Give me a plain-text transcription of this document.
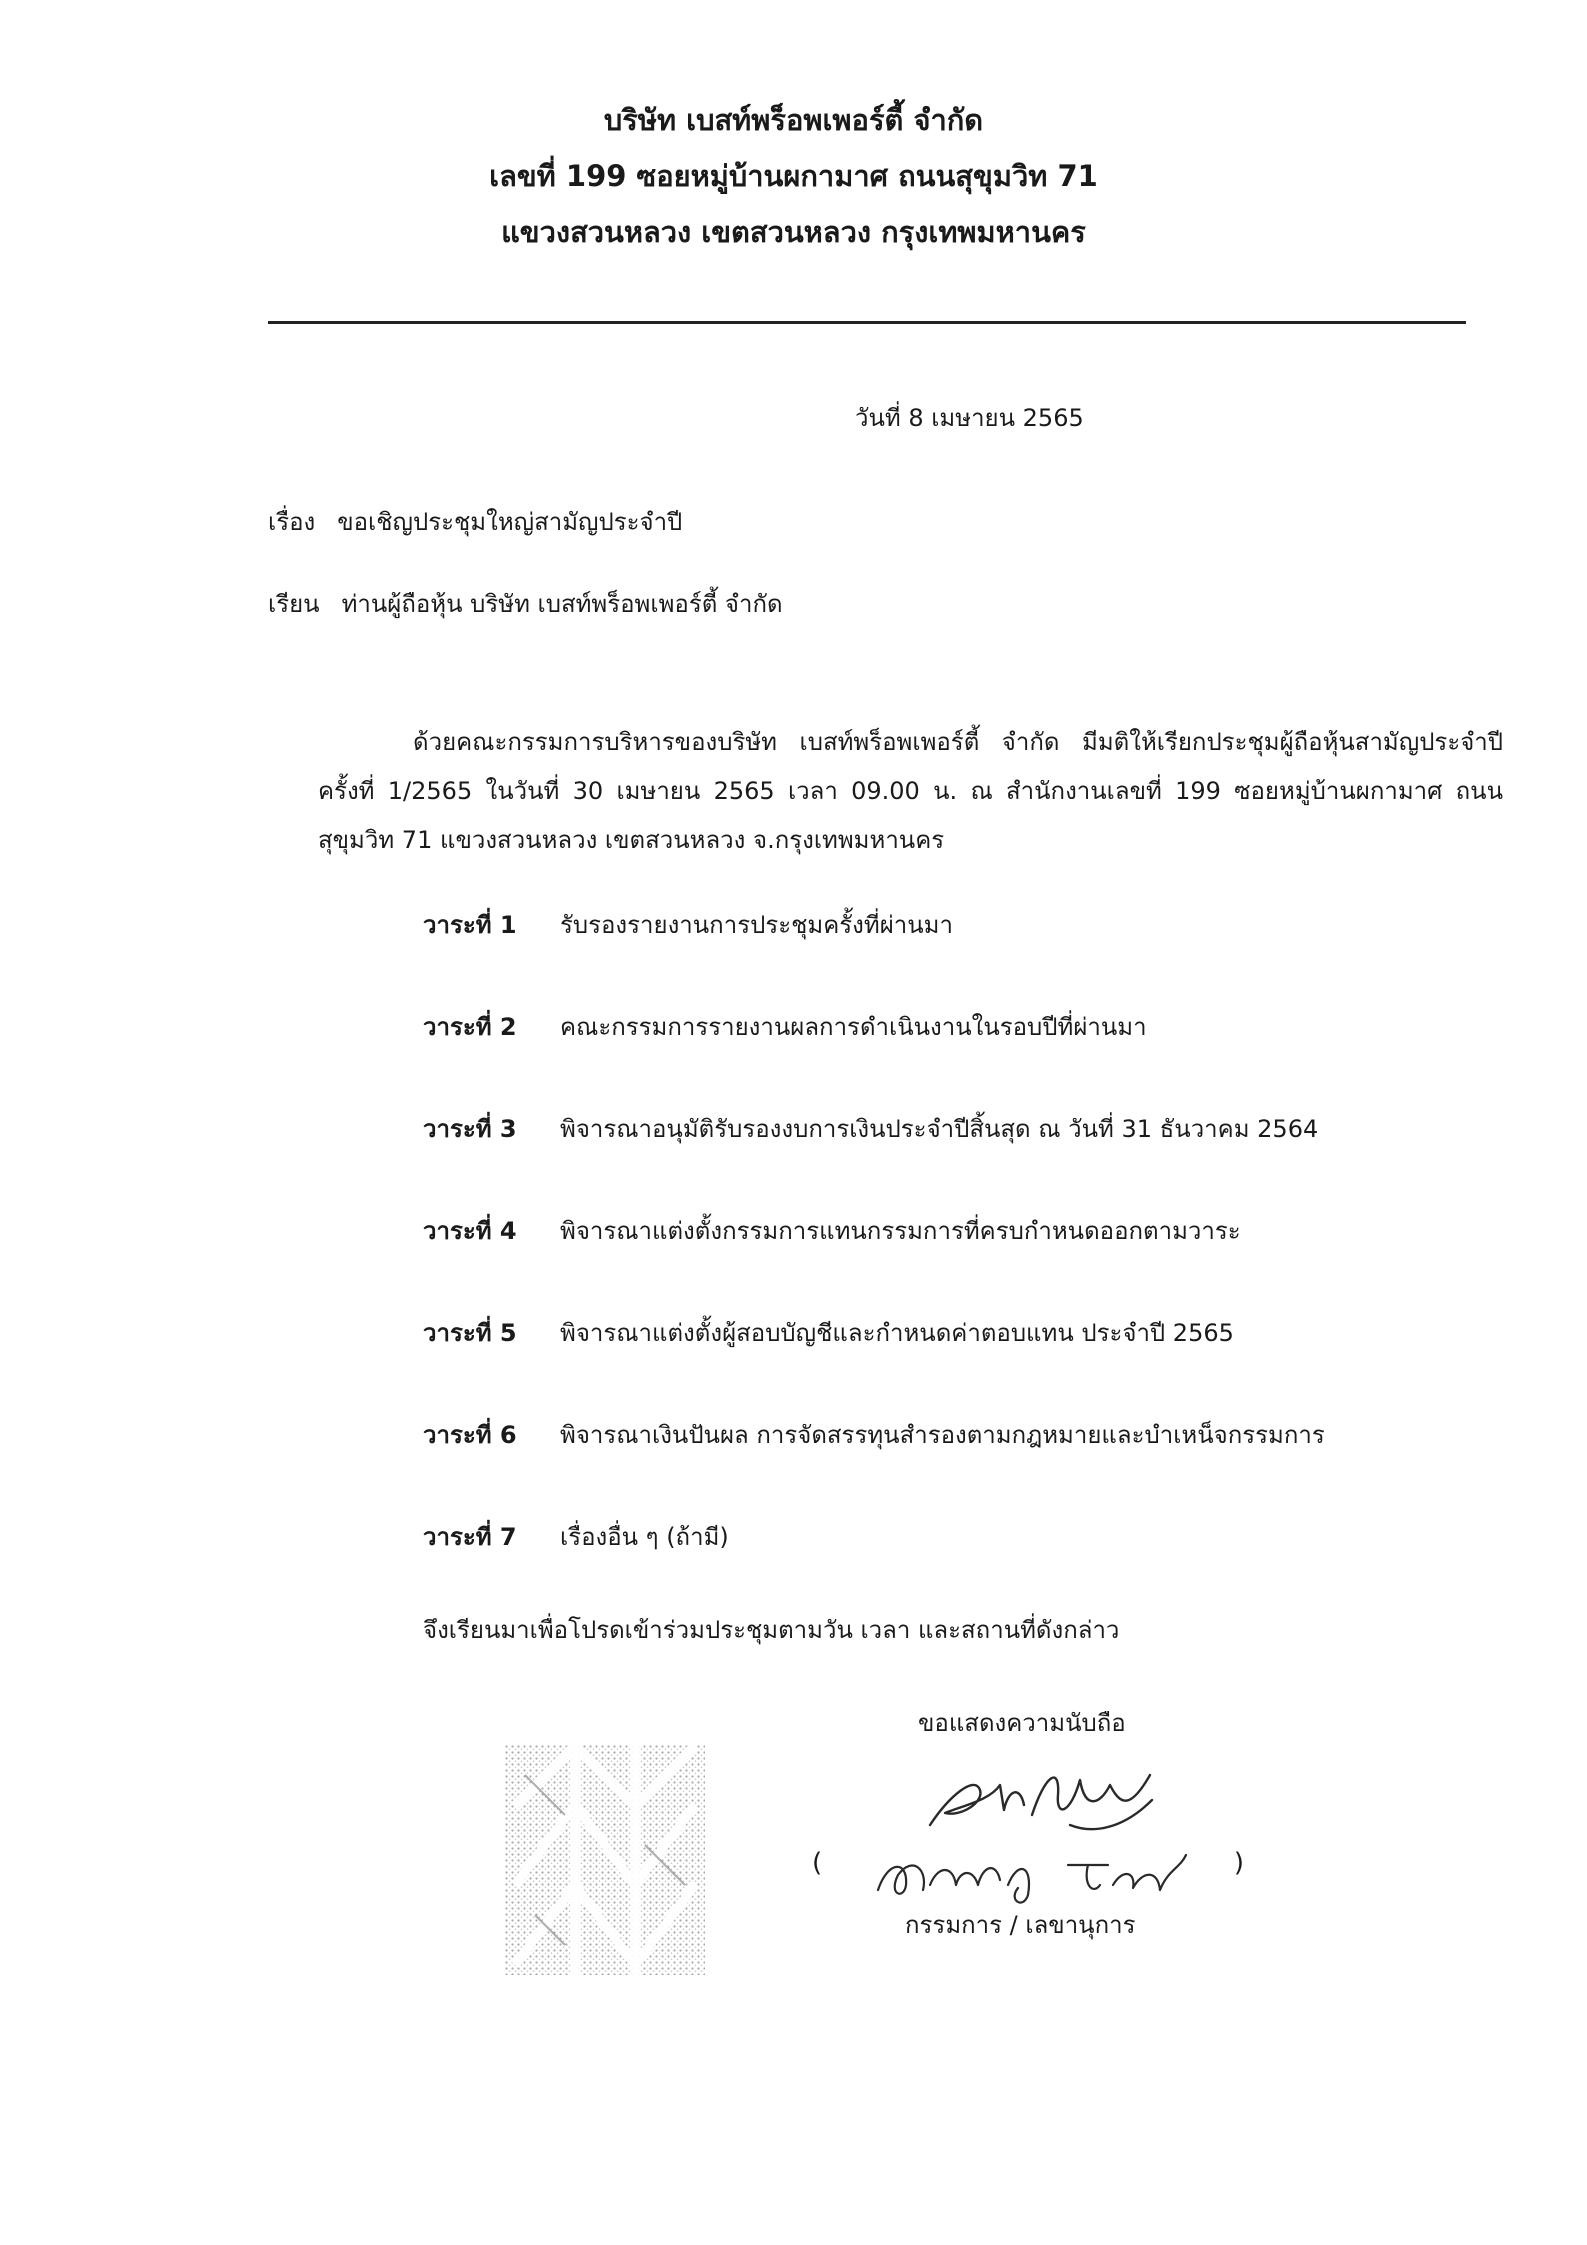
บริษัท เบสท์พร็อพเพอร์ตี้ จำกัด
เลขที่ 199 ซอยหมู่บ้านผกามาศ ถนนสุขุมวิท 71
แขวงสวนหลวง เขตสวนหลวง กรุงเทพมหานคร
วันที่ 8 เมษายน 2565
เรื่อง ขอเชิญประชุมใหญ่สามัญประจำปี
เรียน ท่านผู้ถือหุ้น บริษัท เบสท์พร็อพเพอร์ตี้ จำกัด
ด้วยคณะกรรมการบริหารของบริษัท เบสท์พร็อพเพอร์ตี้ จำกัด มีมติให้เรียกประชุมผู้ถือหุ้นสามัญประจำปี ครั้งที่ 1/2565 ในวันที่ 30 เมษายน 2565 เวลา 09.00 น. ณ สำนักงานเลขที่ 199 ซอยหมู่บ้านผกามาศ ถนนสุขุมวิท 71 แขวงสวนหลวง เขตสวนหลวง จ.กรุงเทพมหานคร
วาระที่ 1	รับรองรายงานการประชุมครั้งที่ผ่านมา
วาระที่ 2	คณะกรรมการรายงานผลการดำเนินงานในรอบปีที่ผ่านมา
วาระที่ 3	พิจารณาอนุมัติรับรองงบการเงินประจำปีสิ้นสุด ณ วันที่ 31 ธันวาคม 2564
วาระที่ 4	พิจารณาแต่งตั้งกรรมการแทนกรรมการที่ครบกำหนดออกตามวาระ
วาระที่ 5	พิจารณาแต่งตั้งผู้สอบบัญชีและกำหนดค่าตอบแทน ประจำปี 2565
วาระที่ 6	พิจารณาเงินปันผล การจัดสรรทุนสำรองตามกฎหมายและบำเหน็จกรรมการ
วาระที่ 7	เรื่องอื่น ๆ (ถ้ามี)
จึงเรียนมาเพื่อโปรดเข้าร่วมประชุมตามวัน เวลา และสถานที่ดังกล่าว
ขอแสดงความนับถือ
(	)
กรรมการ / เลขานุการ
